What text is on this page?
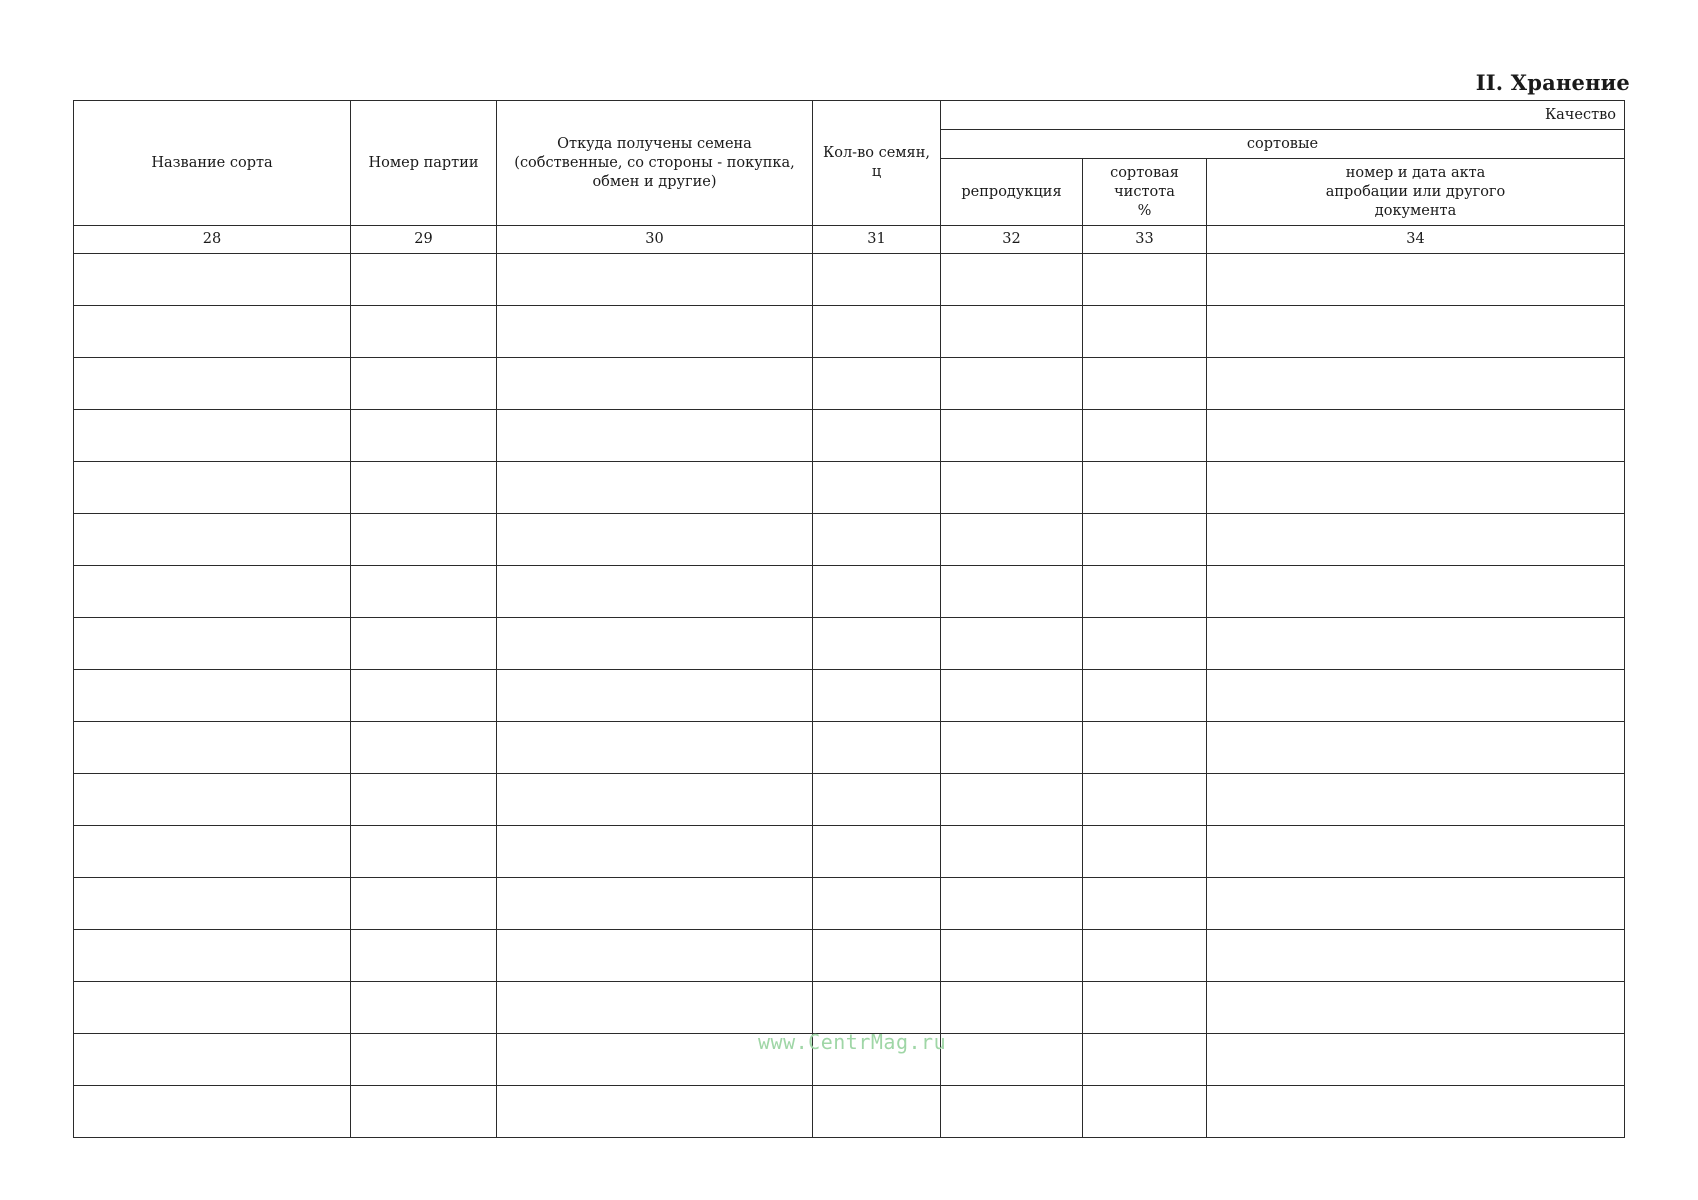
II. Хранение
Название сорта	Номер партии	Откуда получены семена (собственные, со стороны - покупка, обмен и другие)	Кол-во семян, ц	Качество		
				сортовые		
				репродукция	сортовая чистота %	номер и дата акта апробации или другого документа
28	29	30	31	32	33	34

www.CentrMag.ru
